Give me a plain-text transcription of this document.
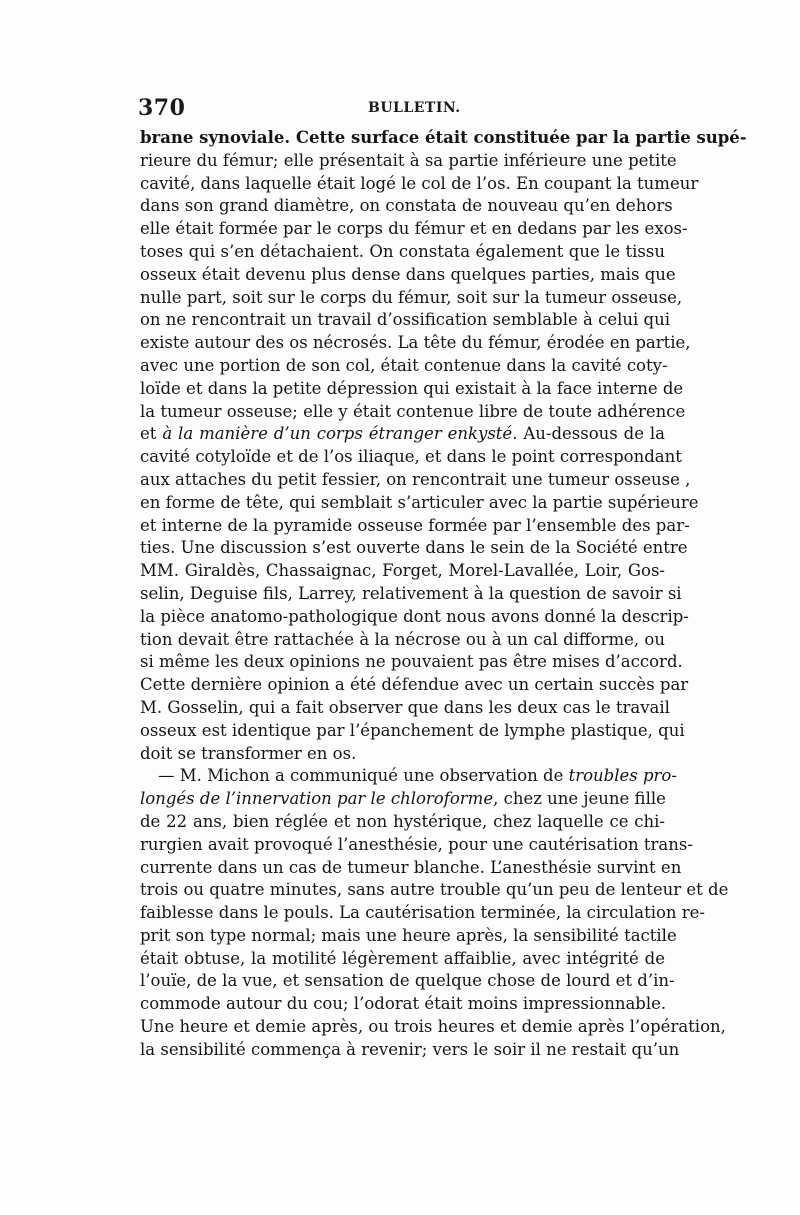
370	BULLETIN.
brane synoviale. Cette surface était constituée par la partie supé-
rieure du fémur; elle présentait à sa partie inférieure une petite
cavité, dans laquelle était logé le col de l’os. En coupant la tumeur
dans son grand diamètre, on constata de nouveau qu’en dehors
elle était formée par le corps du fémur et en dedans par les exos-
toses qui s’en détachaient. On constata également que le tissu
osseux était devenu plus dense dans quelques parties, mais que
nulle part, soit sur le corps du fémur, soit sur la tumeur osseuse,
on ne rencontrait un travail d’ossification semblable à celui qui
existe autour des os nécrosés. La tête du fémur, érodée en partie,
avec une portion de son col, était contenue dans la cavité coty-
loïde et dans la petite dépression qui existait à la face interne de
la tumeur osseuse; elle y était contenue libre de toute adhérence
et à la manière d’un corps étranger enkysté. Au-dessous de la
cavité cotyloïde et de l’os iliaque, et dans le point correspondant
aux attaches du petit fessier, on rencontrait une tumeur osseuse ,
en forme de tête, qui semblait s’articuler avec la partie supérieure
et interne de la pyramide osseuse formée par l’ensemble des par-
ties. Une discussion s’est ouverte dans le sein de la Société entre
MM. Giraldès, Chassaignac, Forget, Morel-Lavallée, Loir, Gos-
selin, Deguise fils, Larrey, relativement à la question de savoir si
la pièce anatomo-pathologique dont nous avons donné la descrip-
tion devait être rattachée à la nécrose ou à un cal difforme, ou
si même les deux opinions ne pouvaient pas être mises d’accord.
Cette dernière opinion a été défendue avec un certain succès par
M. Gosselin, qui a fait observer que dans les deux cas le travail
osseux est identique par l’épanchement de lymphe plastique, qui
doit se transformer en os.
— M. Michon a communiqué une observation de troubles pro-
longés de l’innervation par le chloroforme, chez une jeune fille
de 22 ans, bien réglée et non hystérique, chez laquelle ce chi-
rurgien avait provoqué l’anesthésie, pour une cautérisation trans-
currente dans un cas de tumeur blanche. L’anesthésie survint en
trois ou quatre minutes, sans autre trouble qu’un peu de lenteur et de
faiblesse dans le pouls. La cautérisation terminée, la circulation re-
prit son type normal; mais une heure après, la sensibilité tactile
était obtuse, la motilité légèrement affaiblie, avec intégrité de
l’ouïe, de la vue, et sensation de quelque chose de lourd et d’in-
commode autour du cou; l’odorat était moins impressionnable.
Une heure et demie après, ou trois heures et demie après l’opération,
la sensibilité commença à revenir; vers le soir il ne restait qu’un
